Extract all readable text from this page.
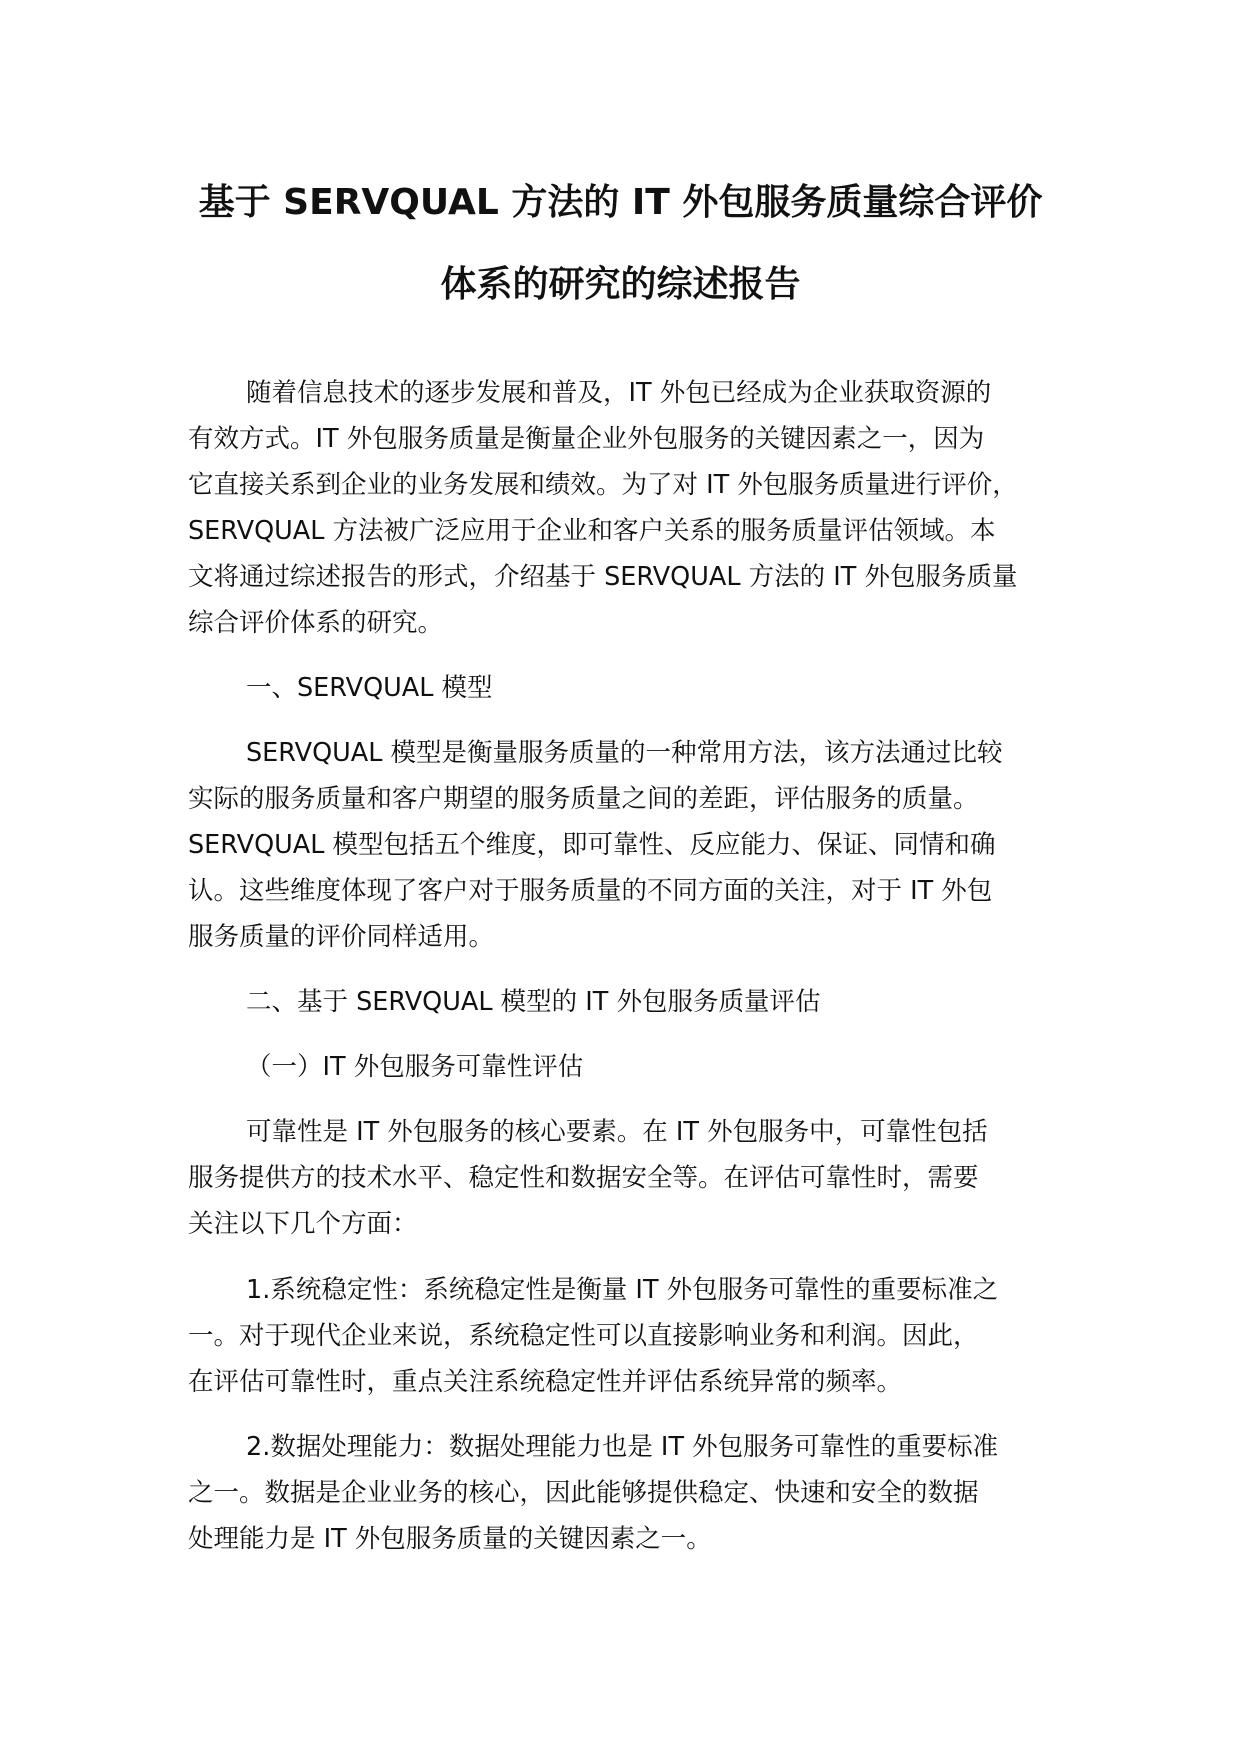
基于 SERVQUAL 方法的 IT 外包服务质量综合评价
体系的研究的综述报告
随着信息技术的逐步发展和普及，IT 外包已经成为企业获取资源的
有效方式。IT 外包服务质量是衡量企业外包服务的关键因素之一，因为
它直接关系到企业的业务发展和绩效。为了对 IT 外包服务质量进行评价，
SERVQUAL 方法被广泛应用于企业和客户关系的服务质量评估领域。本
文将通过综述报告的形式，介绍基于 SERVQUAL 方法的 IT 外包服务质量
综合评价体系的研究。
一、SERVQUAL 模型
SERVQUAL 模型是衡量服务质量的一种常用方法，该方法通过比较
实际的服务质量和客户期望的服务质量之间的差距，评估服务的质量。
SERVQUAL 模型包括五个维度，即可靠性、反应能力、保证、同情和确
认。这些维度体现了客户对于服务质量的不同方面的关注，对于 IT 外包
服务质量的评价同样适用。
二、基于 SERVQUAL 模型的 IT 外包服务质量评估
（一）IT 外包服务可靠性评估
可靠性是 IT 外包服务的核心要素。在 IT 外包服务中，可靠性包括
服务提供方的技术水平、稳定性和数据安全等。在评估可靠性时，需要
关注以下几个方面：
1.系统稳定性：系统稳定性是衡量 IT 外包服务可靠性的重要标准之
一。对于现代企业来说，系统稳定性可以直接影响业务和利润。因此，
在评估可靠性时，重点关注系统稳定性并评估系统异常的频率。
2.数据处理能力：数据处理能力也是 IT 外包服务可靠性的重要标准
之一。数据是企业业务的核心，因此能够提供稳定、快速和安全的数据
处理能力是 IT 外包服务质量的关键因素之一。
